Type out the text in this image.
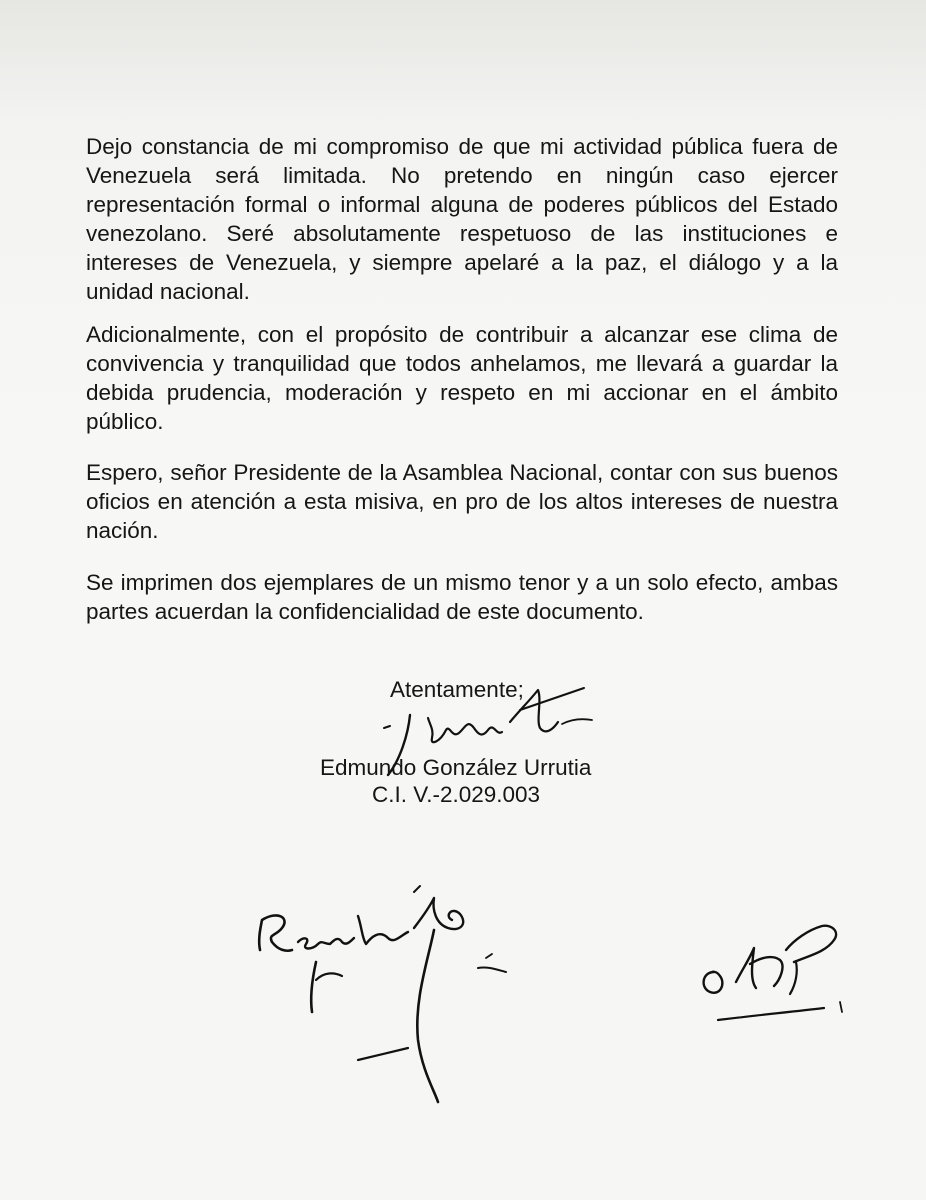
Dejo constancia de mi compromiso de que mi actividad pública fuera de Venezuela será limitada. No pretendo en ningún caso ejercer representación formal o informal alguna de poderes públicos del Estado venezolano. Seré absolutamente respetuoso de las instituciones e intereses de Venezuela, y siempre apelaré a la paz, el diálogo y a la unidad nacional.

Adicionalmente, con el propósito de contribuir a alcanzar ese clima de convivencia y tranquilidad que todos anhelamos, me llevará a guardar la debida prudencia, moderación y respeto en mi accionar en el ámbito público.

Espero, señor Presidente de la Asamblea Nacional, contar con sus buenos oficios en atención a esta misiva, en pro de los altos intereses de nuestra nación.

Se imprimen dos ejemplares de un mismo tenor y a un solo efecto, ambas partes acuerdan la confidencialidad de este documento.

Atentamente;

Edmundo González Urrutia

C.I. V.-2.029.003
